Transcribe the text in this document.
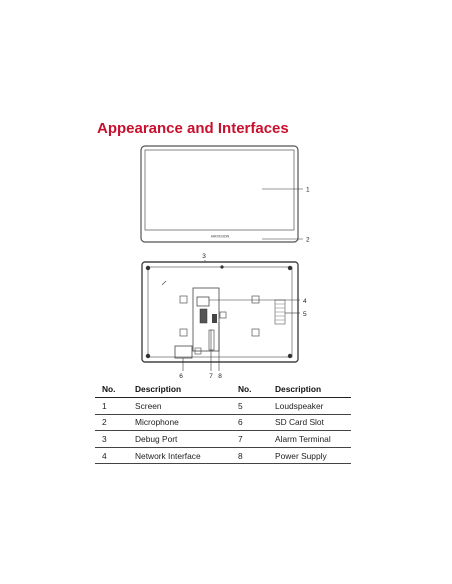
Appearance and Interfaces
HIKVISION
1
2
3
4
5
6	7 8
No.	Description	No.	Description
1	Screen	5	Loudspeaker
2	Microphone	6	SD Card Slot
3	Debug Port	7	Alarm Terminal
4	Network Interface	8	Power Supply
